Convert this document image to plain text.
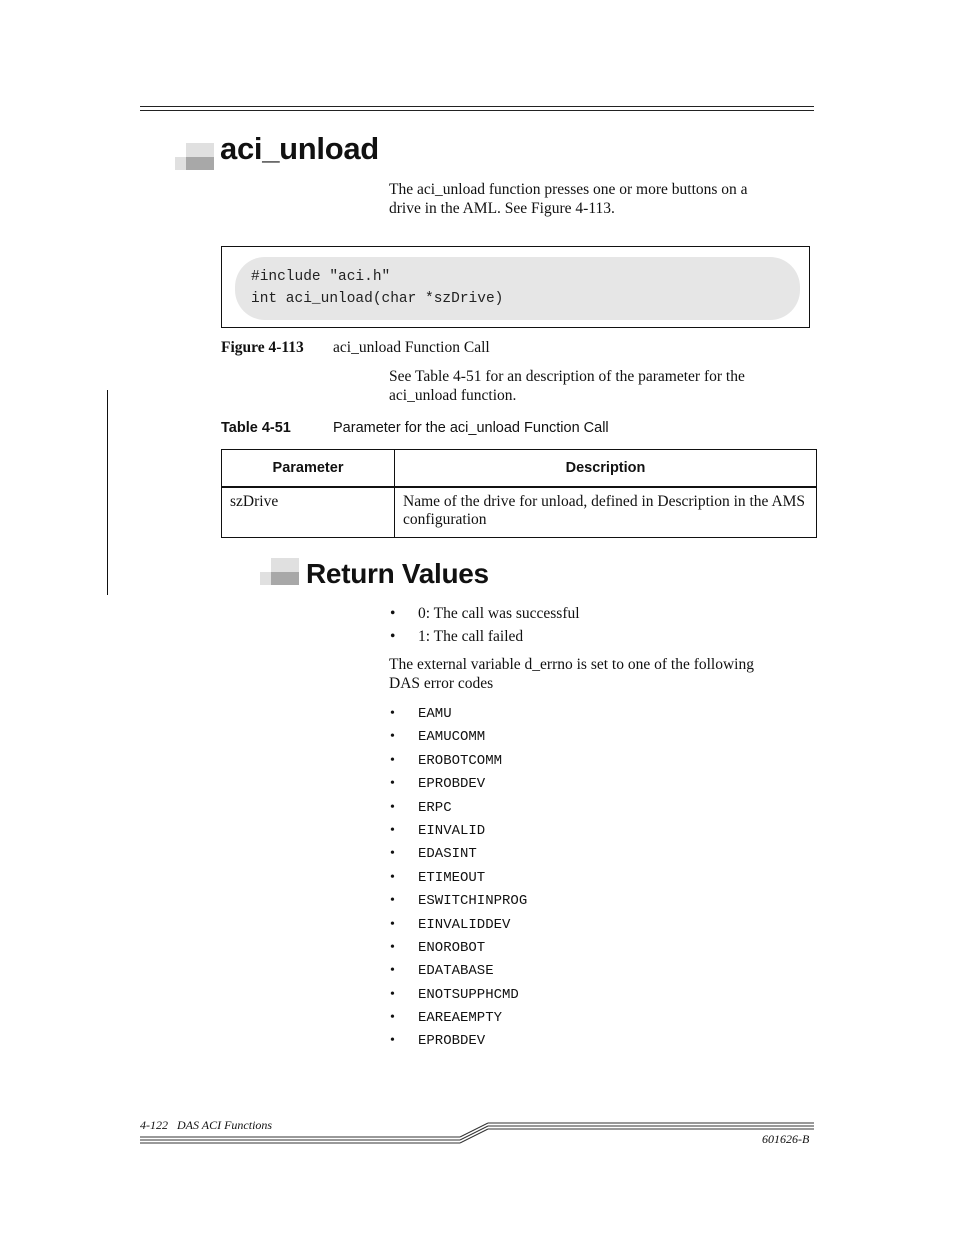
aci_unload
The aci_unload function presses one or more buttons on a
drive in the AML. See Figure 4-113.
#include "aci.h"
int aci_unload(char *szDrive)
Figure 4-113 aci_unload Function Call
See Table 4-51 for an description of the parameter for the
aci_unload function.
Table 4-51	Parameter for the aci_unload Function Call
Parameter	Description
szDrive	Name of the drive for unload, defined in Description in the AMS configuration
Return Values
• 0: The call was successful
• 1: The call failed
The external variable d_errno is set to one of the following
DAS error codes
• EAMU
• EAMUCOMM
• EROBOTCOMM
• EPROBDEV
• ERPC
• EINVALID
• EDASINT
• ETIMEOUT
• ESWITCHINPROG
• EINVALIDDEV
• ENOROBOT
• EDATABASE
• ENOTSUPPHCMD
• EAREAEMPTY
• EPROBDEV
4-122   DAS ACI Functions
601626-B
